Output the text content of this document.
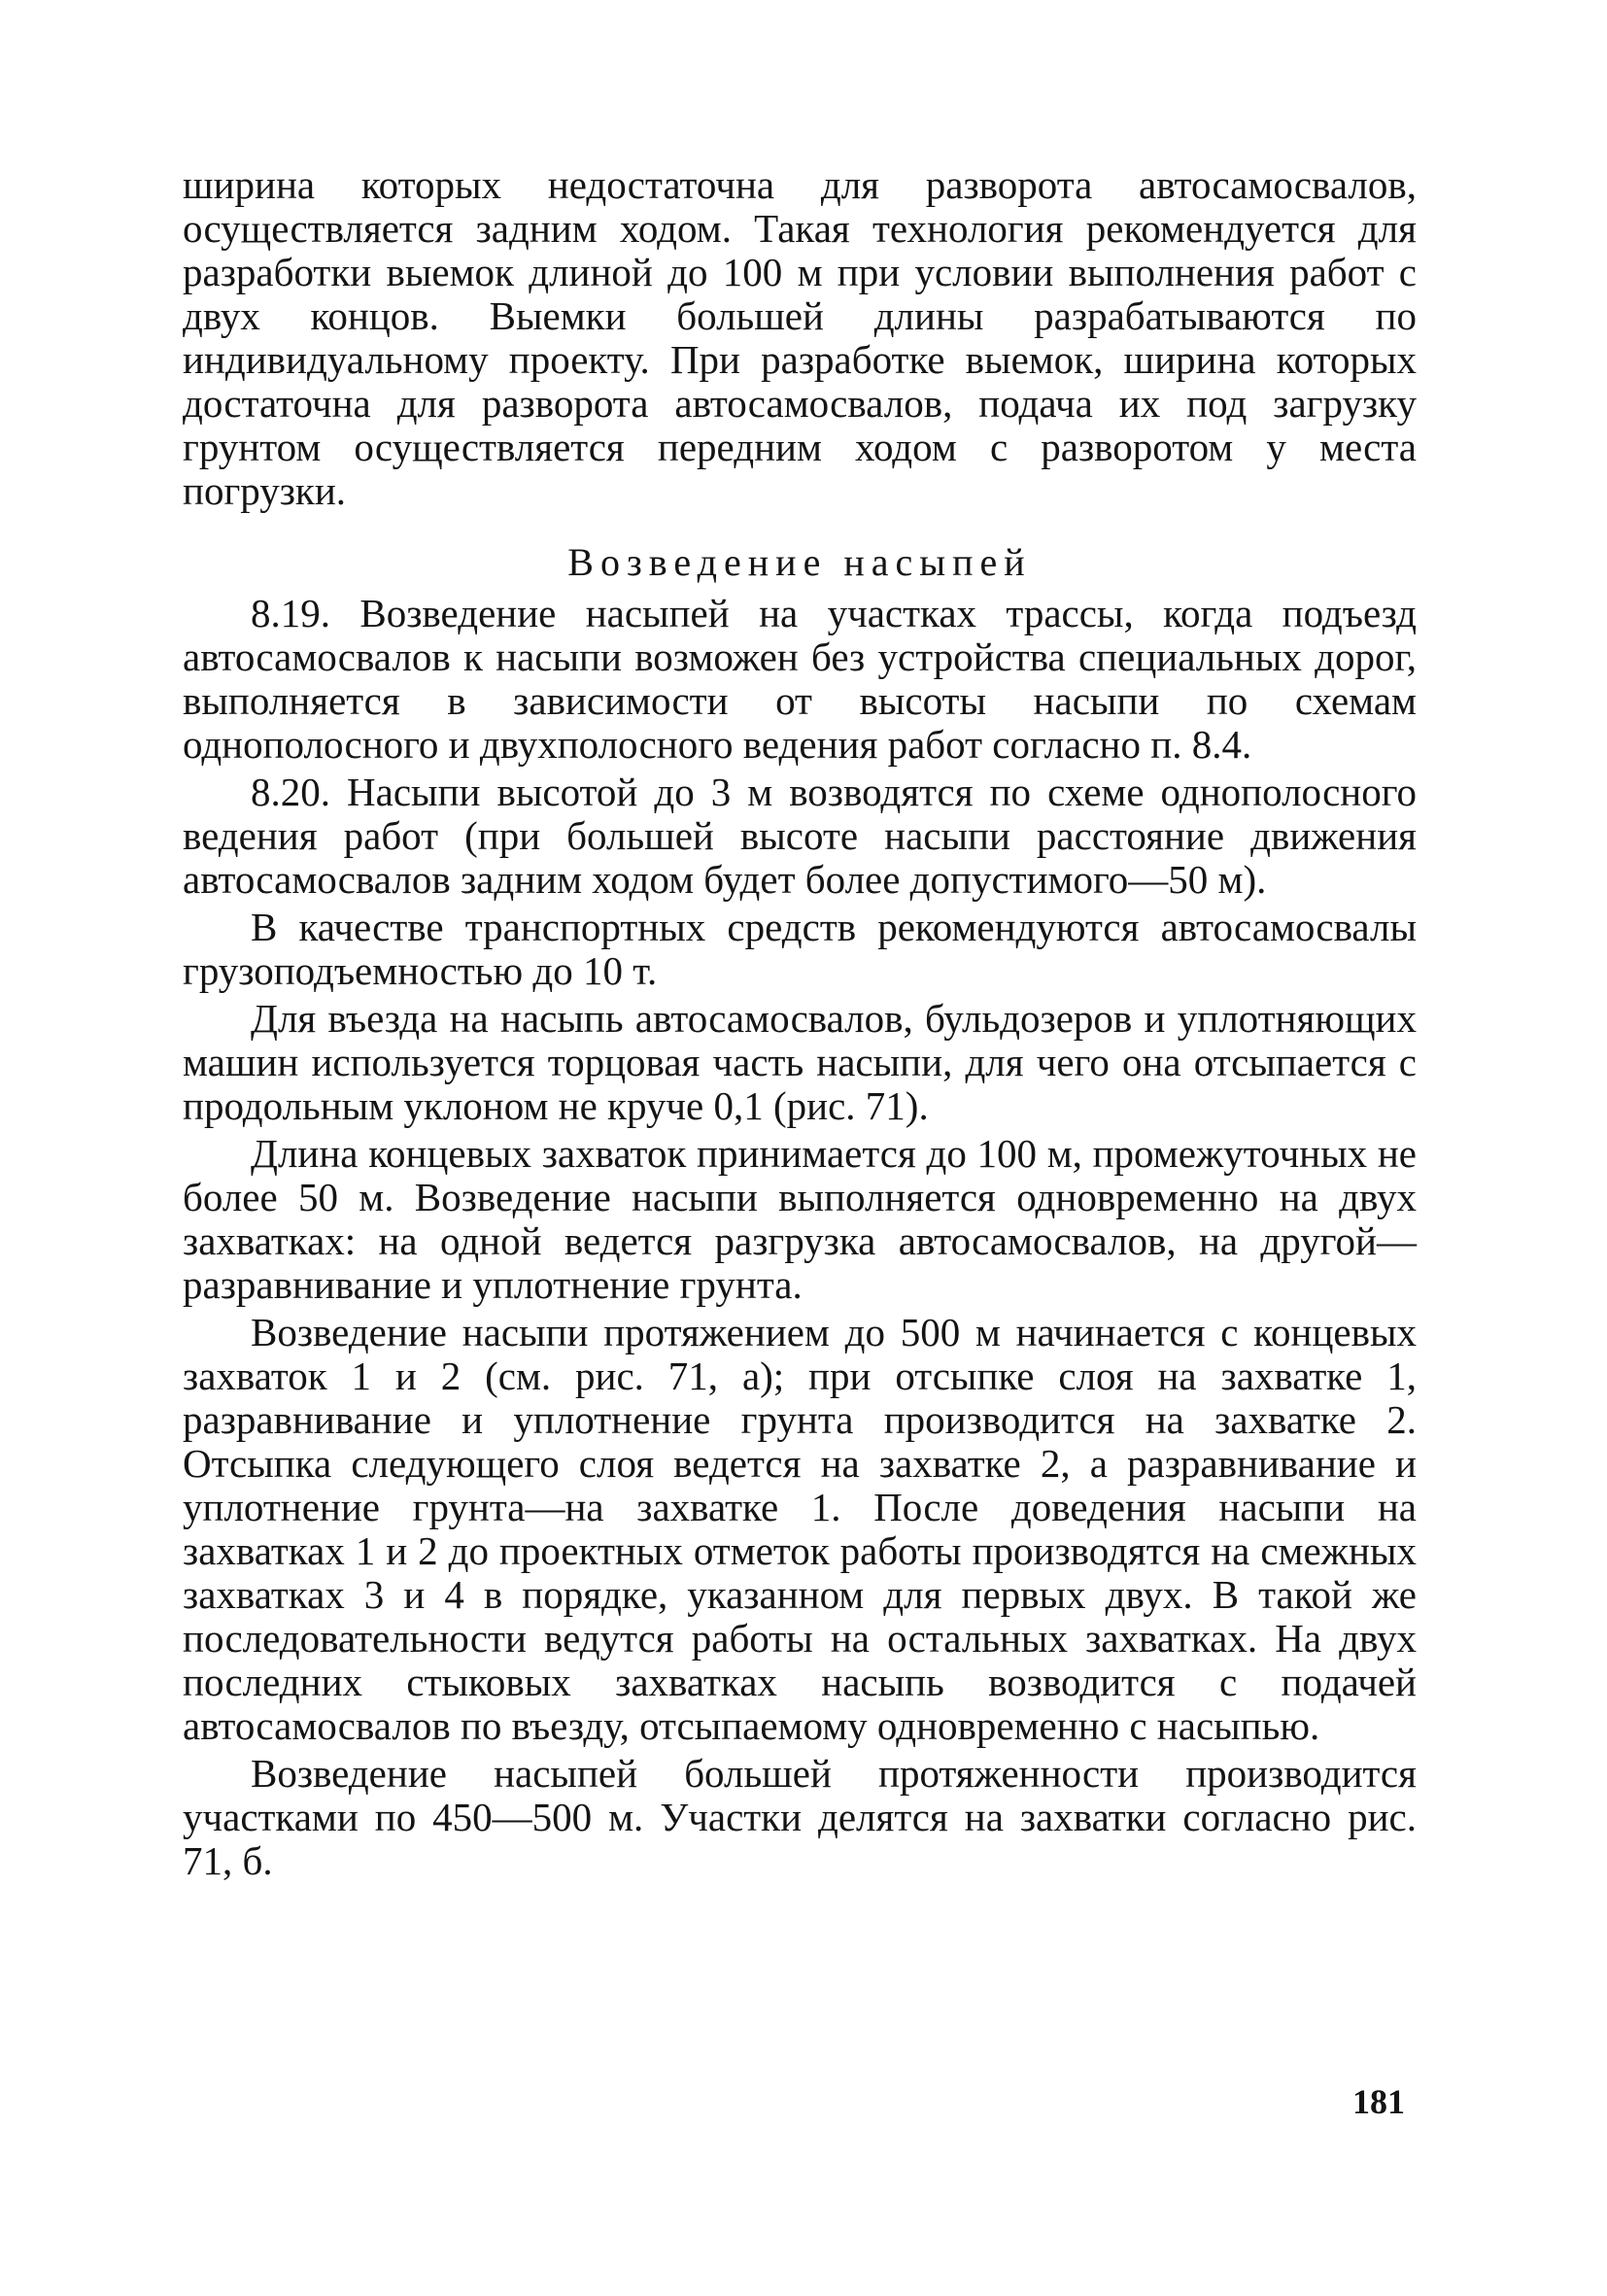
ширина которых недостаточна для разворота автосамосвалов, осуществляется задним ходом. Такая технология рекомендуется для разработки выемок длиной до 100 м при условии выполнения работ с двух концов. Выемки большей длины разрабатываются по индивидуальному проекту. При разработке выемок, ширина которых достаточна для разворота автосамосвалов, подача их под загрузку грунтом осуществляется передним ходом с разворотом у места погрузки.

Возведение насыпей

8.19. Возведение насыпей на участках трассы, когда подъезд автосамосвалов к насыпи возможен без устройства специальных дорог, выполняется в зависимости от высоты насыпи по схемам однополосного и двухполосного ведения работ согласно п. 8.4.

8.20. Насыпи высотой до 3 м возводятся по схеме однополосного ведения работ (при большей высоте насыпи расстояние движения автосамосвалов задним ходом будет более допустимого—50 м).

В качестве транспортных средств рекомендуются автосамосвалы грузоподъемностью до 10 т.

Для въезда на насыпь автосамосвалов, бульдозеров и уплотняющих машин используется торцовая часть насыпи, для чего она отсыпается с продольным уклоном не круче 0,1 (рис. 71).

Длина концевых захваток принимается до 100 м, промежуточных не более 50 м. Возведение насыпи выполняется одновременно на двух захватках: на одной ведется разгрузка автосамосвалов, на другой—разравнивание и уплотнение грунта.

Возведение насыпи протяжением до 500 м начинается с концевых захваток 1 и 2 (см. рис. 71, а); при отсыпке слоя на захватке 1, разравнивание и уплотнение грунта производится на захватке 2. Отсыпка следующего слоя ведется на захватке 2, а разравнивание и уплотнение грунта—на захватке 1. После доведения насыпи на захватках 1 и 2 до проектных отметок работы производятся на смежных захватках 3 и 4 в порядке, указанном для первых двух. В такой же последовательности ведутся работы на остальных захватках. На двух последних стыковых захватках насыпь возводится с подачей автосамосвалов по въезду, отсыпаемому одновременно с насыпью.

Возведение насыпей большей протяженности производится участками по 450—500 м. Участки делятся на захватки согласно рис. 71, б.

181
